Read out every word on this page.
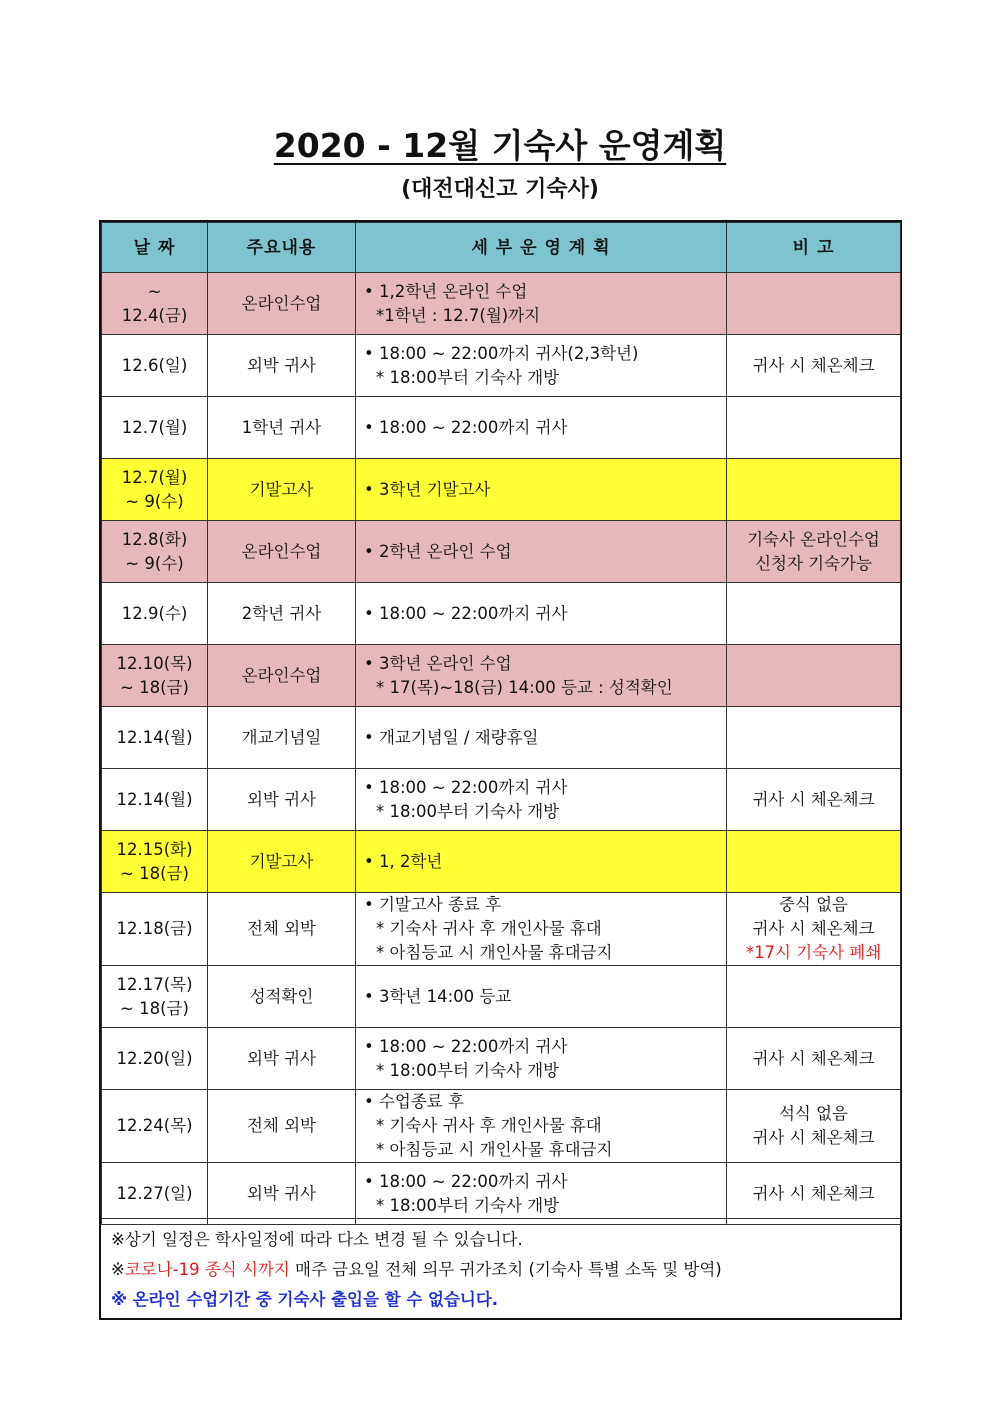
2020 - 12월 기숙사 운영계획
(대전대신고 기숙사)
날 짜	주요내용	세 부 운 영 계 획	비 고

~
12.4(금)	온라인수업	• 1,2학년 온라인 수업
*1학년 : 12.7(월)까지	

12.6(일)	외박 귀사	• 18:00 ~ 22:00까지 귀사(2,3학년)
* 18:00부터 기숙사 개방	귀사 시 체온체크

12.7(월)	1학년 귀사	• 18:00 ~ 22:00까지 귀사	

12.7(월)
~ 9(수)	기말고사	• 3학년 기말고사	

12.8(화)
~ 9(수)	온라인수업	• 2학년 온라인 수업	기숙사 온라인수업
신청자 기숙가능

12.9(수)	2학년 귀사	• 18:00 ~ 22:00까지 귀사	

12.10(목)
~ 18(금)	온라인수업	• 3학년 온라인 수업
* 17(목)~18(금) 14:00 등교 : 성적확인	

12.14(월)	개교기념일	• 개교기념일 / 재량휴일	

12.14(월)	외박 귀사	• 18:00 ~ 22:00까지 귀사
* 18:00부터 기숙사 개방	귀사 시 체온체크

12.15(화)
~ 18(금)	기말고사	• 1, 2학년	

12.18(금)	전체 외박	• 기말고사 종료 후
* 기숙사 귀사 후 개인사물 휴대
* 아침등교 시 개인사물 휴대금지	중식 없음
귀사 시 체온체크
*17시 기숙사 폐쇄

12.17(목)
~ 18(금)	성적확인	• 3학년 14:00 등교	

12.20(일)	외박 귀사	• 18:00 ~ 22:00까지 귀사
* 18:00부터 기숙사 개방	귀사 시 체온체크

12.24(목)	전체 외박	• 수업종료 후
* 기숙사 귀사 후 개인사물 휴대
* 아침등교 시 개인사물 휴대금지	석식 없음
귀사 시 체온체크

12.27(일)	외박 귀사	• 18:00 ~ 22:00까지 귀사
* 18:00부터 기숙사 개방	귀사 시 체온체크
※상기 일정은 학사일정에 따라 다소 변경 될 수 있습니다.
※코로나-19 종식 시까지 매주 금요일 전체 의무 귀가조치 (기숙사 특별 소독 및 방역)
※ 온라인 수업기간 중 기숙사 출입을 할 수 없습니다.
